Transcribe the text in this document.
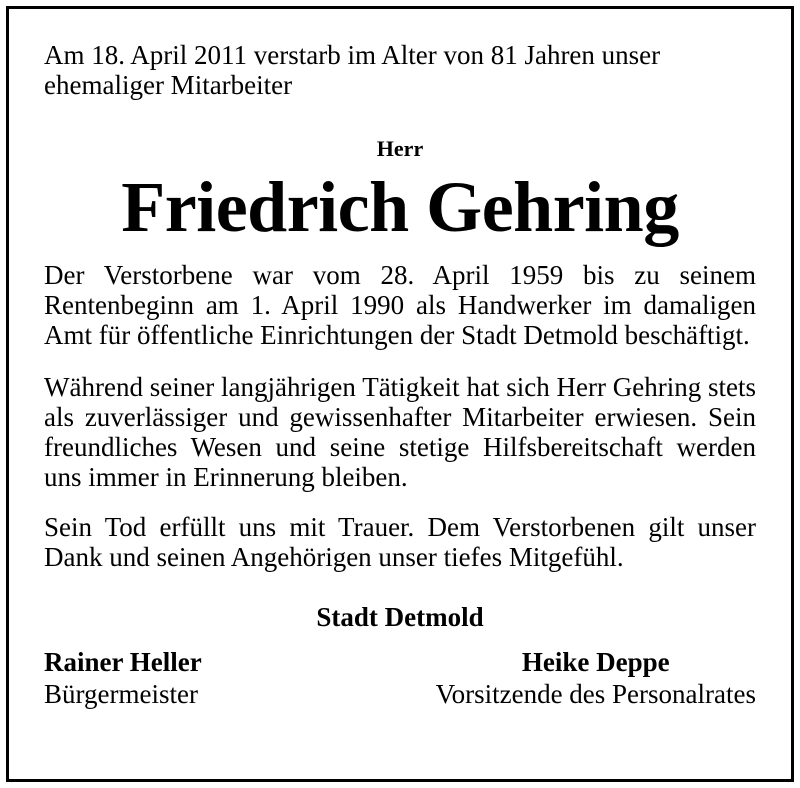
Am 18. April 2011 verstarb im Alter von 81 Jahren unser
ehemaliger Mitarbeiter

Herr
Friedrich Gehring

Der Verstorbene war vom 28. April 1959 bis zu seinem Rentenbeginn am 1. April 1990 als Handwerker im damaligen Amt für öffentliche Einrichtungen der Stadt Detmold beschäftigt.

Während seiner langjährigen Tätigkeit hat sich Herr Gehring stets als zuverlässiger und gewissenhafter Mitarbeiter erwiesen. Sein freundliches Wesen und seine stetige Hilfsbereitschaft werden uns immer in Erinnerung bleiben.

Sein Tod erfüllt uns mit Trauer. Dem Verstorbenen gilt unser Dank und seinen Angehörigen unser tiefes Mitgefühl.

Stadt Detmold
Rainer Heller
Bürgermeister
Heike Deppe
Vorsitzende des Personalrates
